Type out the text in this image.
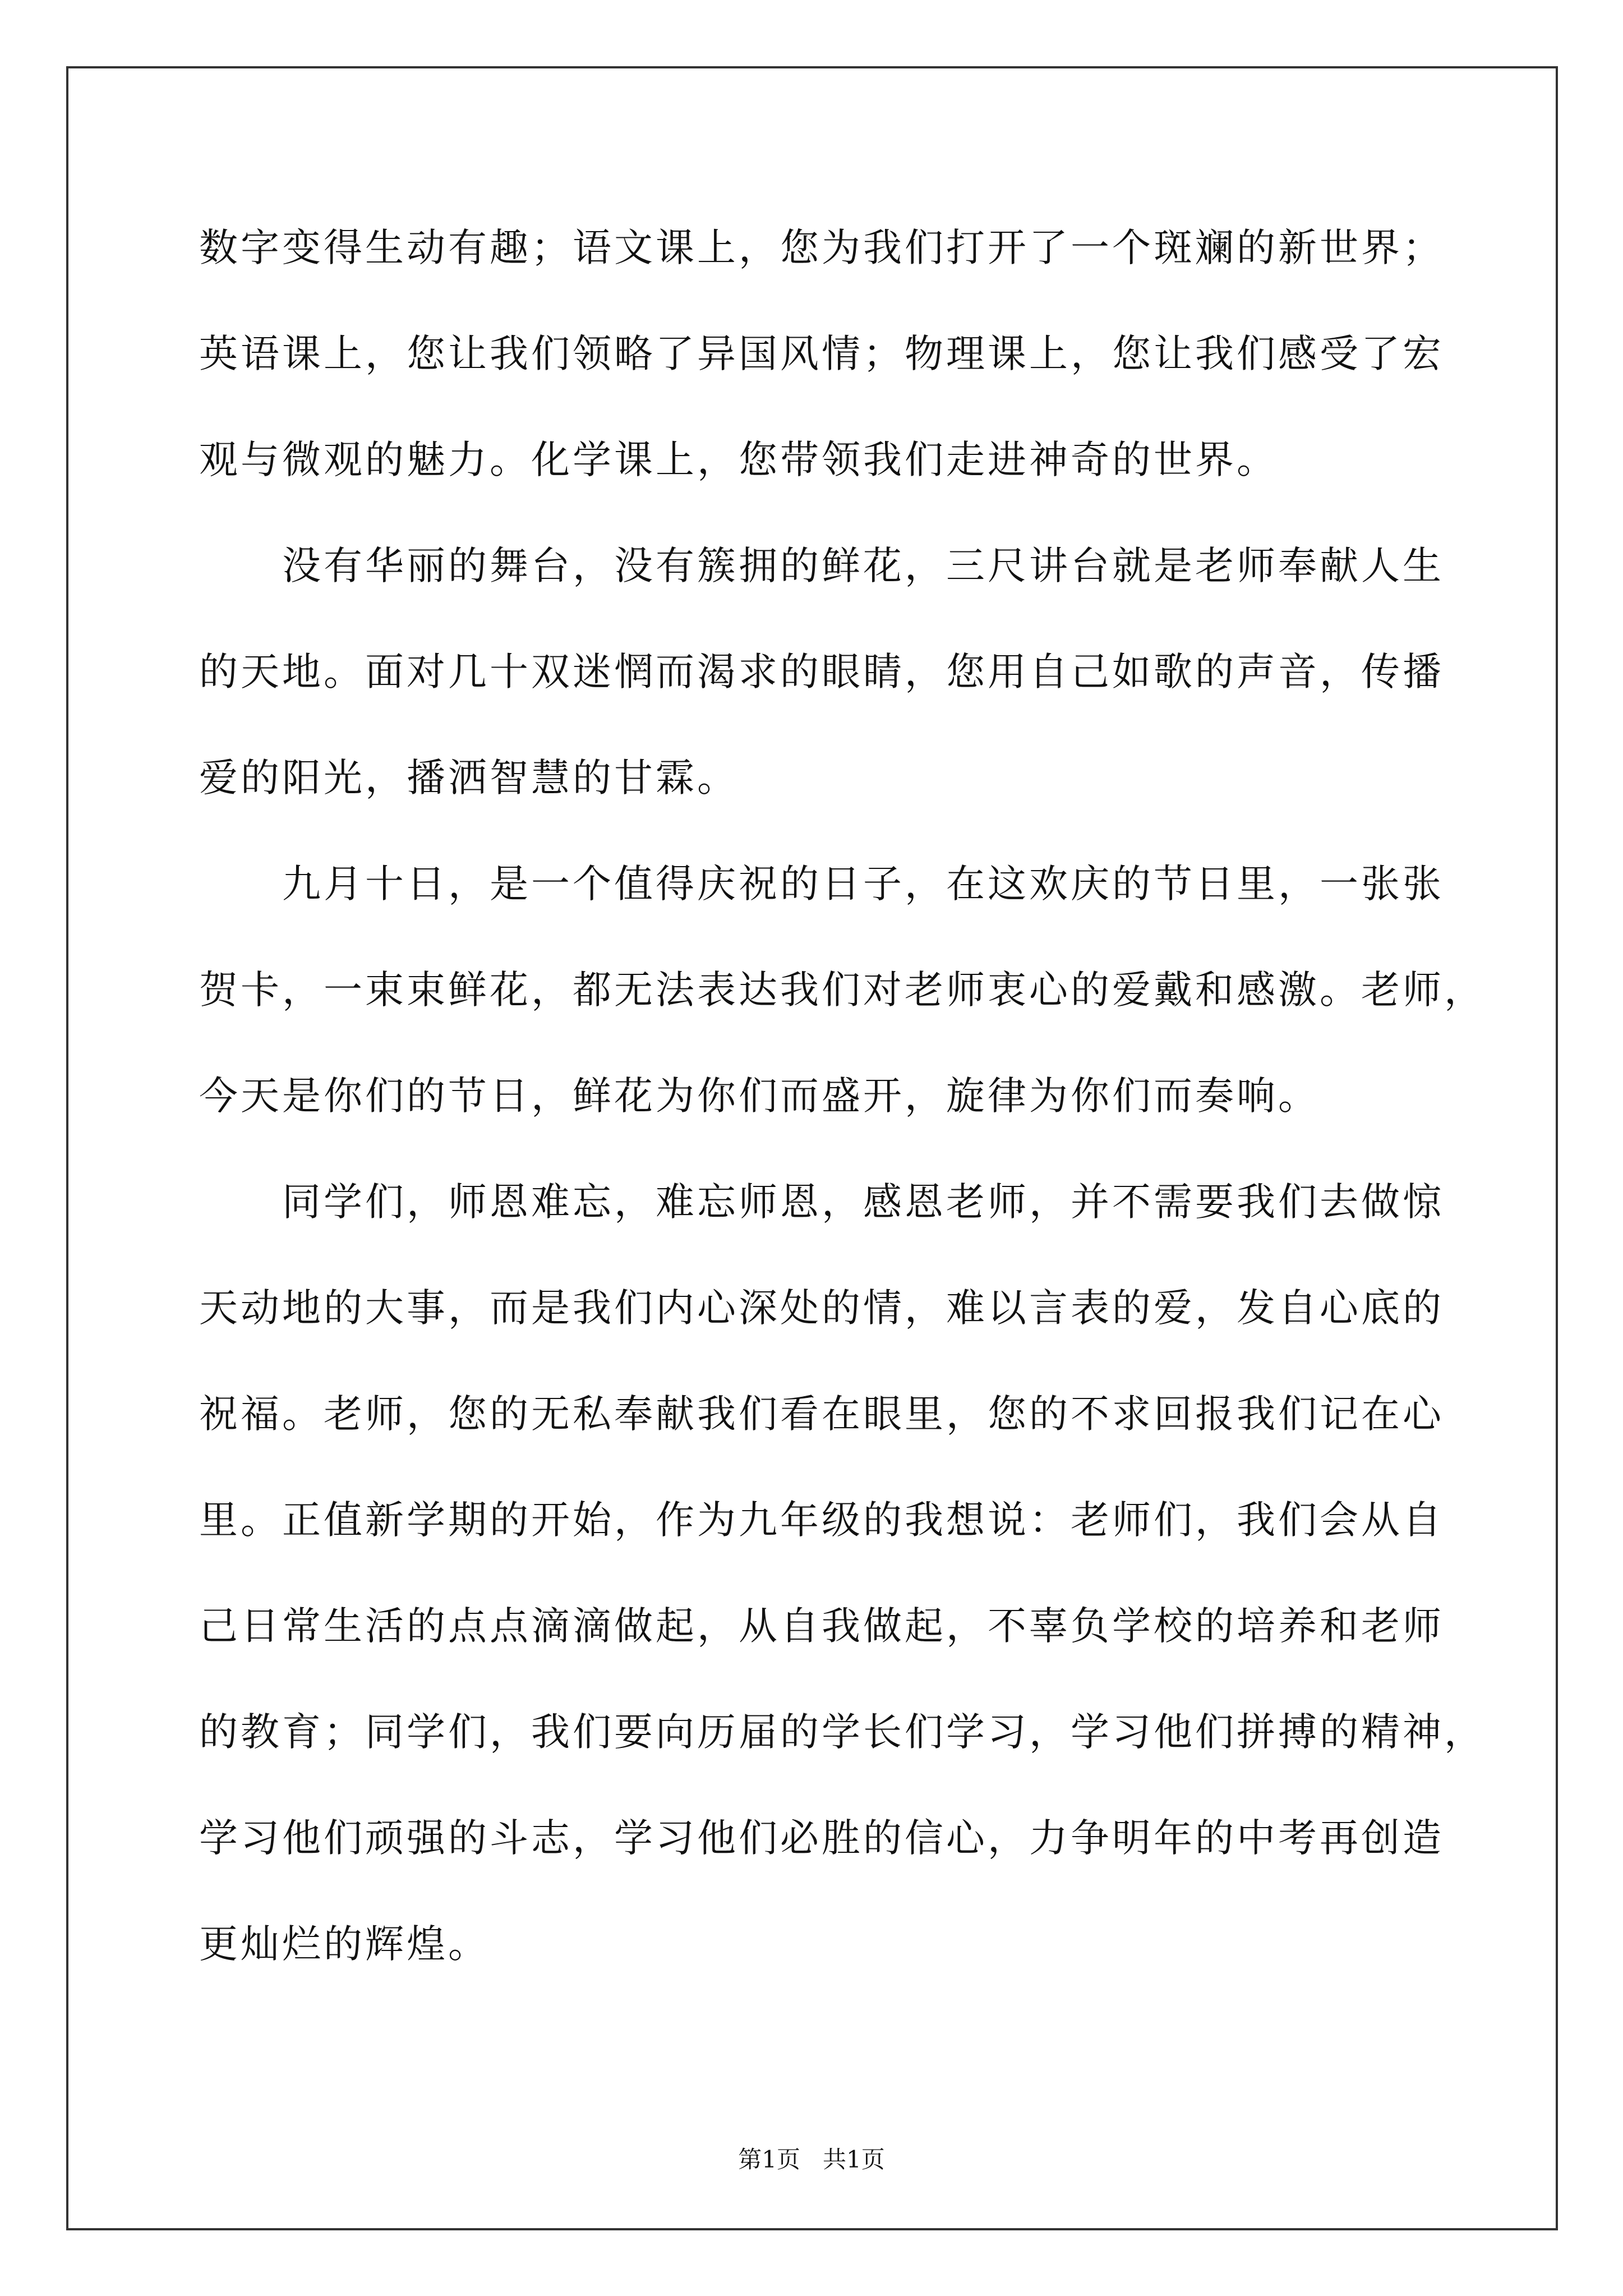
数字变得生动有趣；语文课上，您为我们打开了一个斑斓的新世界；
英语课上，您让我们领略了异国风情；物理课上，您让我们感受了宏
观与微观的魅力。化学课上，您带领我们走进神奇的世界。
　　没有华丽的舞台，没有簇拥的鲜花，三尺讲台就是老师奉献人生
的天地。面对几十双迷惘而渴求的眼睛，您用自己如歌的声音，传播
爱的阳光，播洒智慧的甘霖。
　　九月十日，是一个值得庆祝的日子，在这欢庆的节日里，一张张
贺卡，一束束鲜花，都无法表达我们对老师衷心的爱戴和感激。老师，
今天是你们的节日，鲜花为你们而盛开，旋律为你们而奏响。
　　同学们，师恩难忘，难忘师恩，感恩老师，并不需要我们去做惊
天动地的大事，而是我们内心深处的情，难以言表的爱，发自心底的
祝福。老师，您的无私奉献我们看在眼里，您的不求回报我们记在心
里。正值新学期的开始，作为九年级的我想说：老师们，我们会从自
己日常生活的点点滴滴做起，从自我做起，不辜负学校的培养和老师
的教育；同学们，我们要向历届的学长们学习，学习他们拼搏的精神，
学习他们顽强的斗志，学习他们必胜的信心，力争明年的中考再创造
更灿烂的辉煌。
第1页 共1页
